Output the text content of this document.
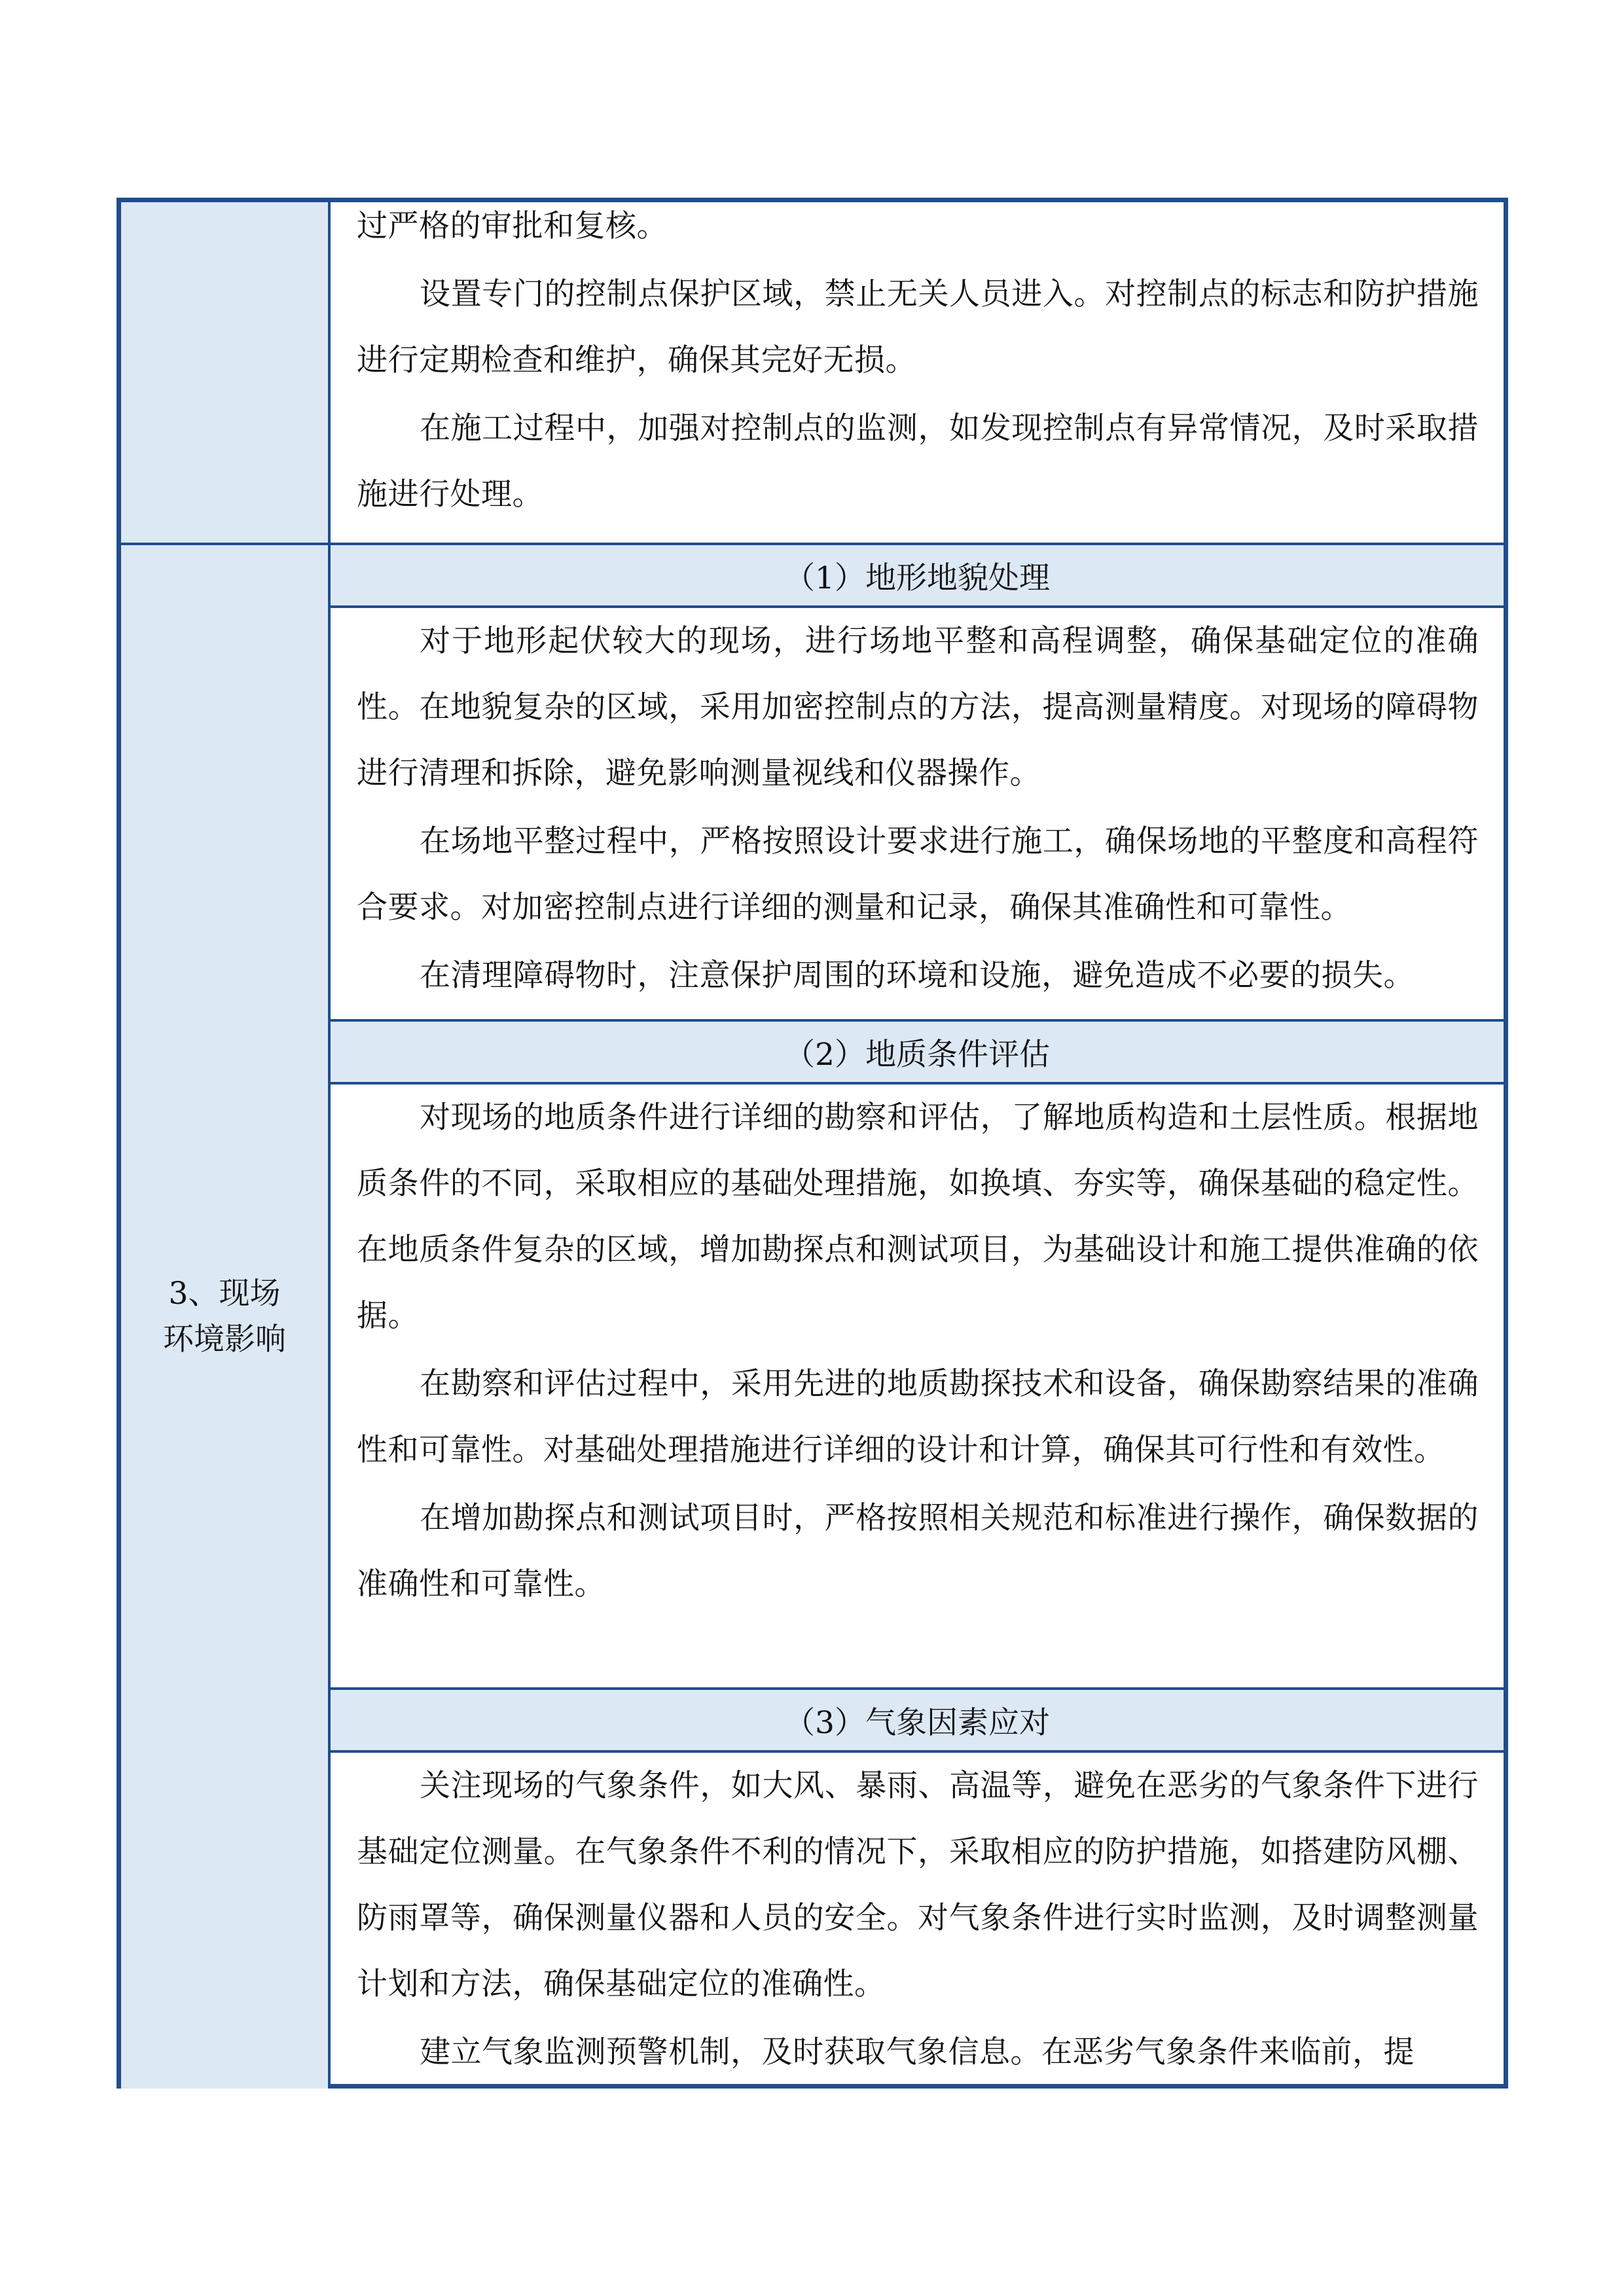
过严格的审批和复核。

设置专门的控制点保护区域，禁止无关人员进入。对控制点的标志和防护措施进行定期检查和维护，确保其完好无损。

在施工过程中，加强对控制点的监测，如发现控制点有异常情况，及时采取措施进行处理。

3、现场环境影响
（1）地形地貌处理

对于地形起伏较大的现场，进行场地平整和高程调整，确保基础定位的准确性。在地貌复杂的区域，采用加密控制点的方法，提高测量精度。对现场的障碍物进行清理和拆除，避免影响测量视线和仪器操作。

在场地平整过程中，严格按照设计要求进行施工，确保场地的平整度和高程符合要求。对加密控制点进行详细的测量和记录，确保其准确性和可靠性。

在清理障碍物时，注意保护周围的环境和设施，避免造成不必要的损失。

（2）地质条件评估

对现场的地质条件进行详细的勘察和评估，了解地质构造和土层性质。根据地质条件的不同，采取相应的基础处理措施，如换填、夯实等，确保基础的稳定性。在地质条件复杂的区域，增加勘探点和测试项目，为基础设计和施工提供准确的依据。

在勘察和评估过程中，采用先进的地质勘探技术和设备，确保勘察结果的准确性和可靠性。对基础处理措施进行详细的设计和计算，确保其可行性和有效性。

在增加勘探点和测试项目时，严格按照相关规范和标准进行操作，确保数据的准确性和可靠性。

（3）气象因素应对

关注现场的气象条件，如大风、暴雨、高温等，避免在恶劣的气象条件下进行基础定位测量。在气象条件不利的情况下，采取相应的防护措施，如搭建防风棚、防雨罩等，确保测量仪器和人员的安全。对气象条件进行实时监测，及时调整测量计划和方法，确保基础定位的准确性。

建立气象监测预警机制，及时获取气象信息。在恶劣气象条件来临前，提
